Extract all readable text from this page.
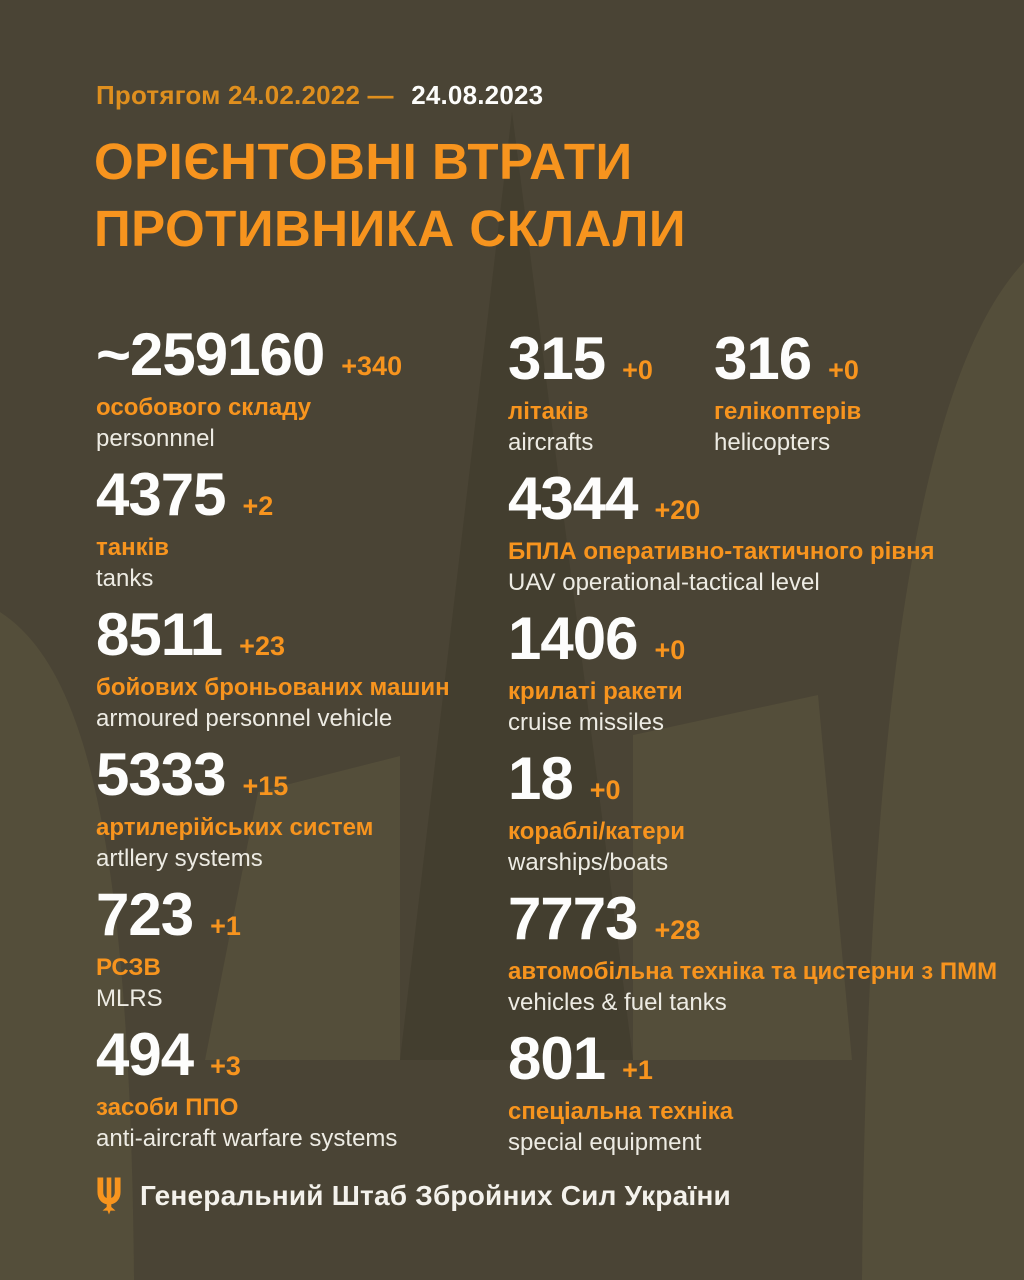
Протягом 24.02.2022 — 24.08.2023
ОРІЄНТОВНІ ВТРАТИ
ПРОТИВНИКА СКЛАЛИ
~259160 +340
особового складу
personnnel
315 +0
літаків
aircrafts
316 +0
гелікоптерів
helicopters
4375 +2
танків
tanks
4344 +20
БПЛА оперативно-тактичного рівня
UAV operational-tactical level
8511 +23
бойових броньованих машин
armoured personnel vehicle
1406 +0
крилаті ракети
cruise missiles
5333 +15
артилерійських систем
artllery systems
18 +0
кораблі/катери
warships/boats
723 +1
РСЗВ
MLRS
7773 +28
автомобільна техніка та цистерни з ПММ
vehicles & fuel tanks
494 +3
засоби ППО
anti-aircraft warfare systems
801 +1
спеціальна техніка
special equipment
Генеральний Штаб Збройних Сил України
